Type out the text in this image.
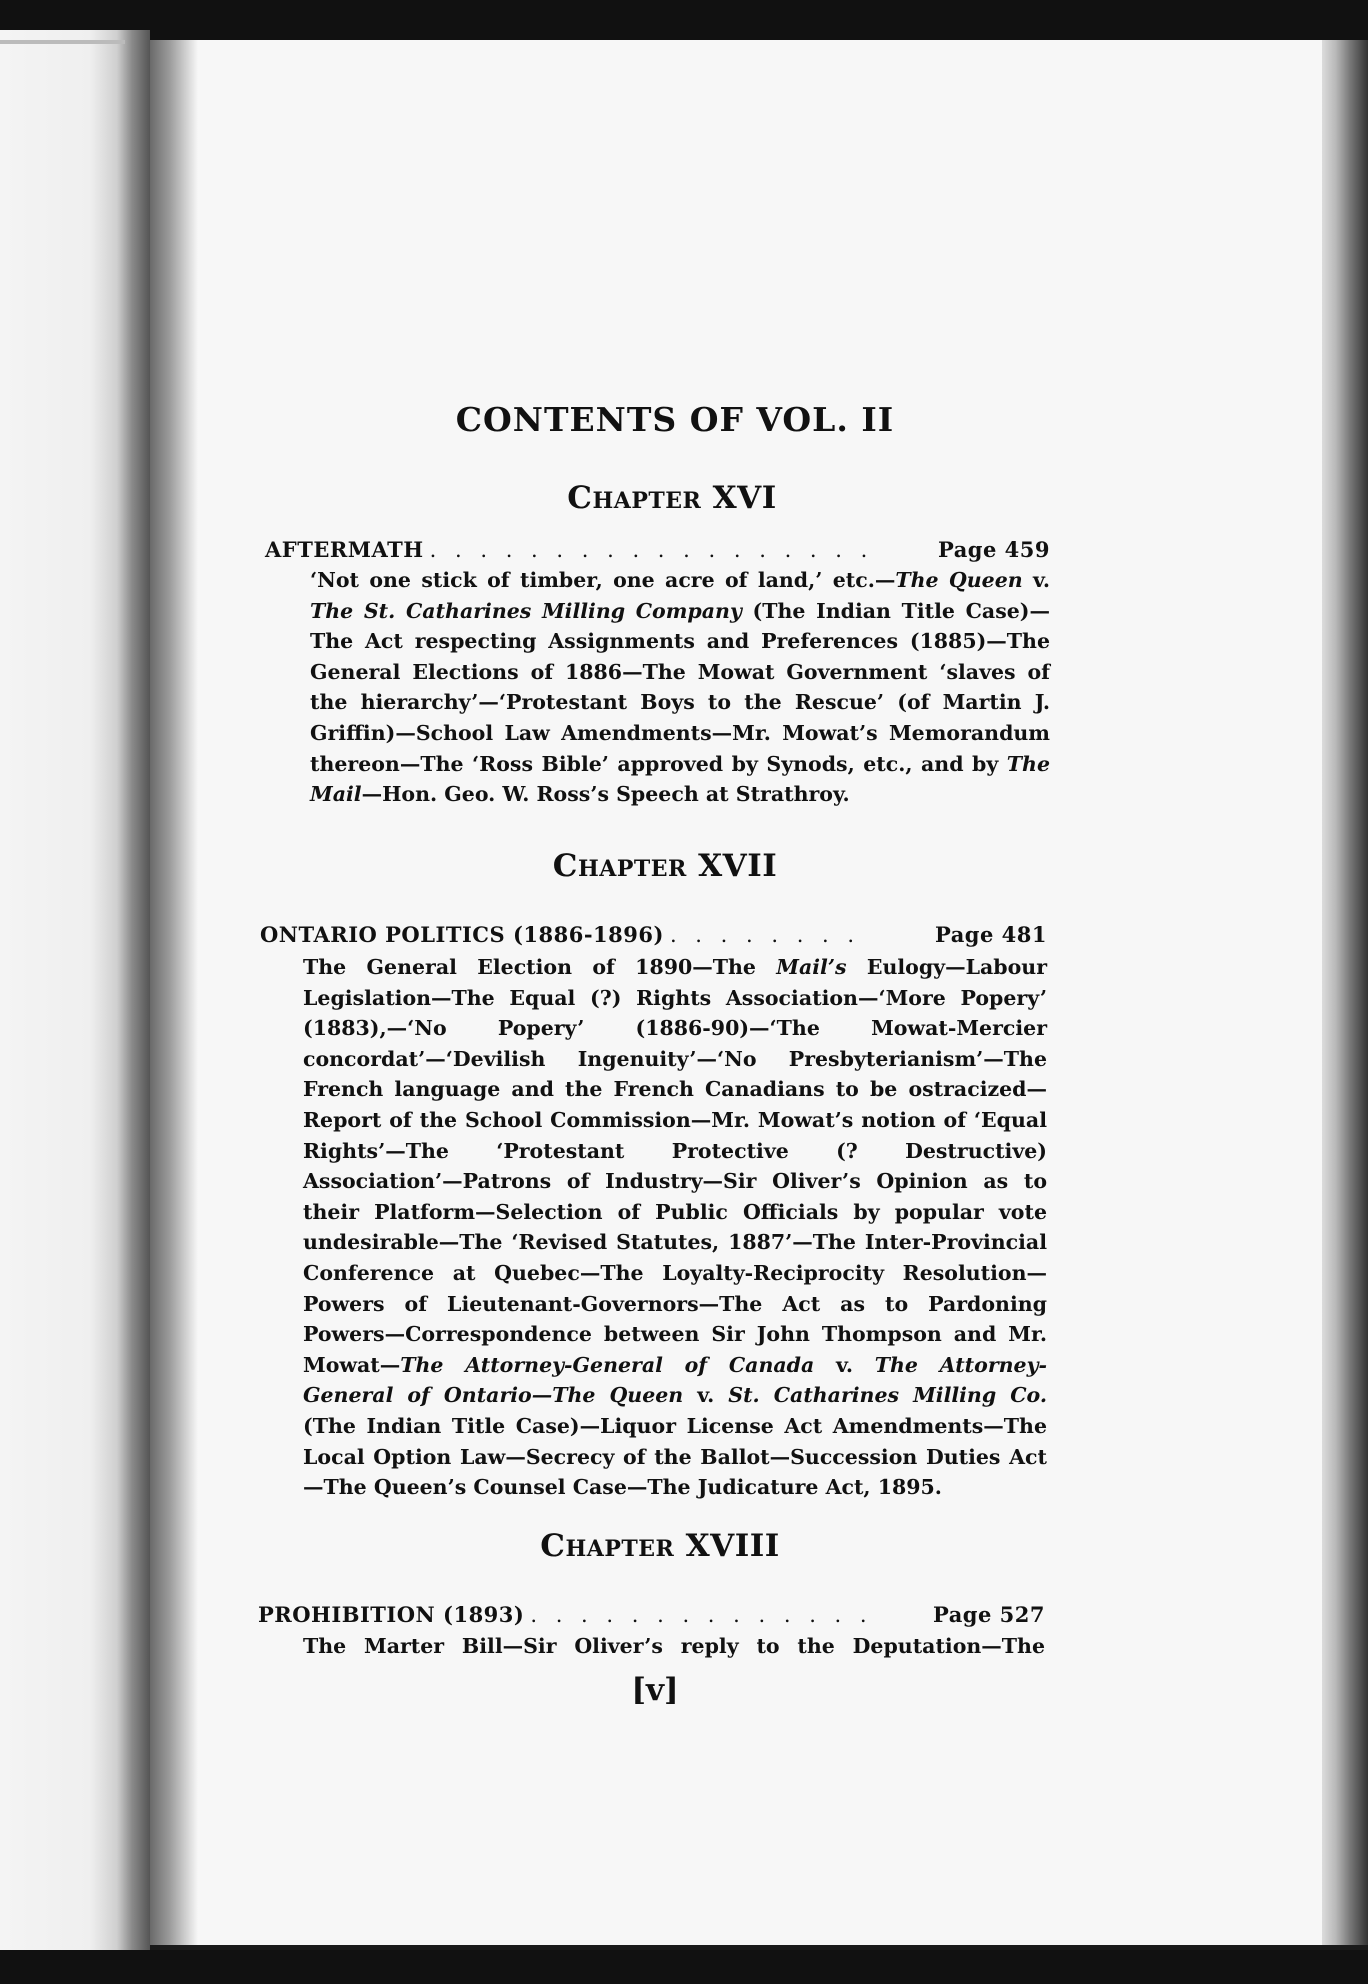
CONTENTS OF VOL. II
Chapter XVI
AFTERMATH . . . . . . . . . . . . . . . . . .	Page 459
‘Not one stick of timber, one acre of land,’ etc.—The Queen v. The St. Catharines Milling Company (The Indian Title Case)—The Act respecting Assignments and Preferences (1885)—The General Elections of 1886—The Mowat Government ‘slaves of the hierarchy’—‘Protestant Boys to the Rescue’ (of Martin J. Griffin)—School Law Amendments—Mr. Mowat’s Memorandum thereon—The ‘Ross Bible’ approved by Synods, etc., and by The Mail—Hon. Geo. W. Ross’s Speech at Strathroy.
Chapter XVII
ONTARIO POLITICS (1886-1896) . . . . . . . .	Page 481
The General Election of 1890—The Mail’s Eulogy—Labour Legislation—The Equal (?) Rights Association—‘More Popery’ (1883),—‘No Popery’ (1886-90)—‘The Mowat-Mercier concordat’—‘Devilish Ingenuity’—‘No Presbyterianism’—The French language and the French Canadians to be ostracized—Report of the School Commission—Mr. Mowat’s notion of ‘Equal Rights’—The ‘Protestant Protective (? Destructive) Association’—Patrons of Industry—Sir Oliver’s Opinion as to their Platform—Selection of Public Officials by popular vote undesirable—The ‘Revised Statutes, 1887’—The Inter-Provincial Conference at Quebec—The Loyalty-Reciprocity Resolution—Powers of Lieutenant-Governors—The Act as to Pardoning Powers—Correspondence between Sir John Thompson and Mr. Mowat—The Attorney-General of Canada v. The Attorney-General of Ontario—The Queen v. St. Catharines Milling Co. (The Indian Title Case)—Liquor License Act Amendments—The Local Option Law—Secrecy of the Ballot—Succession Duties Act—The Queen’s Counsel Case—The Judicature Act, 1895.
Chapter XVIII
PROHIBITION (1893) . . . . . . . . . . . . . .	Page 527
The Marter Bill—Sir Oliver’s reply to the Deputation—The
[v]
